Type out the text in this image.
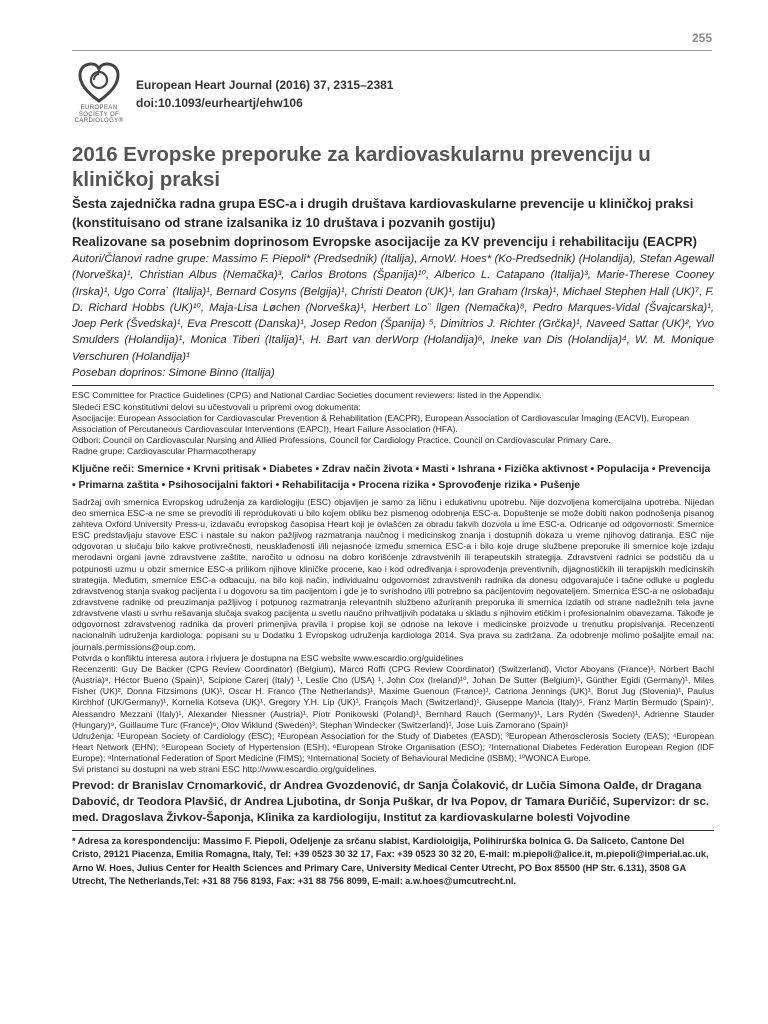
255
EUROPEAN
SOCIETY OF
CARDIOLOGY®
European Heart Journal (2016) 37, 2315–2381
doi:10.1093/eurheartj/ehw106
2016 Evropske preporuke za kardiovaskularnu prevenciju u kliničkoj praksi
Šesta zajednička radna grupa ESC-a i drugih društava kardiovaskularne prevencije u kliničkoj praksi (konstituisano od strane izalsanika iz 10 društava i pozvanih gostiju)
Realizovane sa posebnim doprinosom Evropske asocijacije za KV prevenciju i rehabilitaciju (EACPR)

Autori/Članovi radne grupe: Massimo F. Piepoli* (Predsednik) (Italija), ArnoW. Hoes* (Ko-Predsednik) (Holandija), Stefan Agewall (Norveška)¹, Christian Albus (Nemačka)³, Carlos Brotons (Španija)¹⁰, Alberico L. Catapano (Italija)³, Marie-Therese Cooney (Irska)¹, Ugo Corra` (Italija)¹, Bernard Cosyns (Belgija)¹, Christi Deaton (UK)¹, Ian Graham (Irska)¹, Michael Stephen Hall (UK)⁷, F. D. Richard Hobbs (UK)¹⁰, Maja-Lisa Løchen (Norveška)¹, Herbert Lo¨ llgen (Nemačka)⁸, Pedro Marques-Vidal (Švajcarska)¹, Joep Perk (Švedska)¹, Eva Prescott (Danska)¹, Josep Redon (Španija) ⁵, Dimitrios J. Richter (Grčka)¹, Naveed Sattar (UK)², Yvo Smulders (Holandija)¹, Monica Tiberi (Italija)¹, H. Bart van derWorp (Holandija)⁶, Ineke van Dis (Holandija)⁴, W. M. Monique Verschuren (Holandija)¹

Poseban doprinos: Simone Binno (Italija)

ESC Committee for Practice Guidelines (CPG) and National Cardiac Societies document reviewers: listed in the Appendix.

Sledeći ESC konstitutivni delovi su učestvovali u pripremi ovog dokumenta:

Asocijacije: European Association for Cardiovascular Prevention & Rehabilitation (EACPR), European Association of Cardiovascular Imaging (EACVI), European Association of Percutaneous Cardiovascular Interventions (EAPCI), Heart Failure Association (HFA).

Odbori: Council on Cardiovascular Nursing and Allied Professions, Council for Cardiology Practice, Council on Cardiovascular Primary Care.

Radne grupe: Cardiovascular Pharmacotherapy

Ključne reči: Smernice • Krvni pritisak • Diabetes • Zdrav način života • Masti • Ishrana • Fizička aktivnost • Populacija • Prevencija • Primarna zaštita • Psihosocijalni faktori • Rehabilitacija • Procena rizika • Sprovođenje rizika • Pušenje

Sadržaj ovih smernica Evropskog udruženja za kardiologiju (ESC) objavljen je samo za ličnu i edukativnu upotrebu. Nije dozvoljena komercijalna upotreba. Nijedan deo smernica ESC-a ne sme se prevoditi ili reprodukovati u bilo kojem obliku bez pismenog odobrenja ESC-a. Dopuštenje se može dobiti nakon podnošenja pisanog zahteva Oxford University Press-u, izdavaču evropskog časopisa Heart koji je ovlašćen za obradu takvih dozvola u ime ESC-a. Odricanje od odgovornosti: Smernice ESC predstavljaju stavove ESC i nastale su nakon pažljivog razmatranja naučnog i medicinskog znanja i dostupnih dokaza u vreme njihovog datiranja. ESC nije odgovoran u slučaju bilo kakve protivrečnosti, neusklađenosti i/ili nejasnoće između smernica ESC-a i bilo koje druge službene preporuke ili smernice koje izdaju merodavni organi javne zdravstvene zaštite, naročito u odnosu na dobro korišćenje zdravstvenih ili terapeutskih strategija. Zdravstveni radnici se podstiču da u potpunosti uzmu u obzir smernice ESC-a prilikom njihove kliničke procene, kao i kod određivanja i sprovođenja preventivnih, dijagnostičkih ili terapijskih medicinskih strategija. Međutim, smernice ESC-a odbacuju, na bilo koji način, individualnu odgovornost zdravstvenih radnika da donesu odgovarajuće i tačne odluke u pogledu zdravstvenog stanja svakog pacijenta i u dogovoru sa tim pacijentom i gde je to svrishodno i/ili potrebno sa pacijentovim negovateljem. Smernica ESC-a ne oslobađaju zdravstvene radnike od preuzimanja pažljivog i potpunog razmatranja relevantnih službeno ažuriranih preporuka ili smernica izdatih od strane nadležnih tela javne zdravstvene vlasti u svrhu rešavanja slučaja svakog pacijenta u svetlu naučno prihvatljivih podataka u skladu s njihovim etičkim i profesionalnim obavezama. Takođe je odgovornost zdravstvenog radnika da proveri primenjiva pravila i propise koji se odnose na lekove i medicinske proizvode u trenutku propisivanja. Recenzenti nacionalnih udruženja kardiologa: popisani su u Dodatku 1 Evropskog udruženja kardiologa 2014. Sva prava su zadržana. Za odobrenje molimo pošaljite email na: journals.permissions@oup.com.

Potvrda o konfliktu interesa autora i rivjuera je dostupna na ESC website www.escardio.org/guidelines

Recenzenti: Guy De Backer (CPG Review Coordinator) (Belgium), Marco Roffi (CPG Review Coordinator) (Switzerland), Victor Aboyans (France)¹, Norbert Bachl (Austria)⁸, Héctor Bueno (Spain)¹, Scipione Carerj (Italy) ¹, Leslie Cho (USA) ¹, John Cox (Ireland)¹⁰, Johan De Sutter (Belgium)¹, Günther Egidi (Germany)¹, Miles Fisher (UK)², Donna Fitzsimons (UK)¹, Oscar H. Franco (The Netherlands)¹, Maxime Guenoun (France)¹, Catriona Jennings (UK)¹, Borut Jug (Slovenia)¹, Paulus Kirchhof (UK/Germany)¹, Kornelia Kotseva (UK)¹, Gregory Y.H. Lip (UK)¹, François Mach (Switzerland)¹, Giuseppe Mancia (Italy)⁵, Franz Martin Bermudo (Spain)⁷, Alessandro Mezzani (Italy)¹, Alexander Niessner (Austria)¹, Piotr Ponikowski (Poland)¹, Bernhard Rauch (Germany)¹, Lars Rydén (Sweden)¹, Adrienne Stauder (Hungary)⁹, Guillaume Turc (France)⁶, Olov Wiklund (Sweden)³, Stephan Windecker (Switzerland)¹, Jose Luis Zamorano (Spain)¹

Udruženja: ¹European Society of Cardiology (ESC); ²European Association for the Study of Diabetes (EASD); ³European Atherosclerosis Society (EAS); ⁴European Heart Network (EHN); ⁵European Society of Hypertension (ESH); ⁶European Stroke Organisation (ESO); ⁷International Diabetes Federation European Region (IDF Europe); ⁸International Federation of Sport Medicine (FIMS); ⁹International Society of Behavioural Medicine (ISBM); ¹⁰WONCA Europe.

Svi pristanci su dostupni na web strani ESC http://www.escardio.org/guidelines.

Prevod: dr Branislav Crnomarković, dr Andrea Gvozdenović, dr Sanja Čolaković, dr Lučia Simona Oalđe, dr Dragana Dabović, dr Teodora Plavšić, dr Andrea Ljubotina, dr Sonja Puškar, dr Iva Popov, dr Tamara Đuričić, Supervizor: dr sc. med. Dragoslava Živkov-Šaponja, Klinika za kardiologiju, Institut za kardiovaskularne bolesti Vojvodine

* Adresa za korespondenciju: Massimo F. Piepoli, Odeljenje za srčanu slabist, Kardioloigija, Polihirurška bolnica G. Da Saliceto, Cantone Del Cristo, 29121 Piacenza, Emilia Romagna, Italy, Tel: +39 0523 30 32 17, Fax: +39 0523 30 32 20, E-mail: m.piepoli@alice.it, m.piepoli@imperial.ac.uk, Arno W. Hoes, Julius Center for Health Sciences and Primary Care, University Medical Center Utrecht, PO Box 85500 (HP Str. 6.131), 3508 GA Utrecht, The Netherlands,Tel: +31 88 756 8193, Fax: +31 88 756 8099, E-mail: a.w.hoes@umcutrecht.nl.
